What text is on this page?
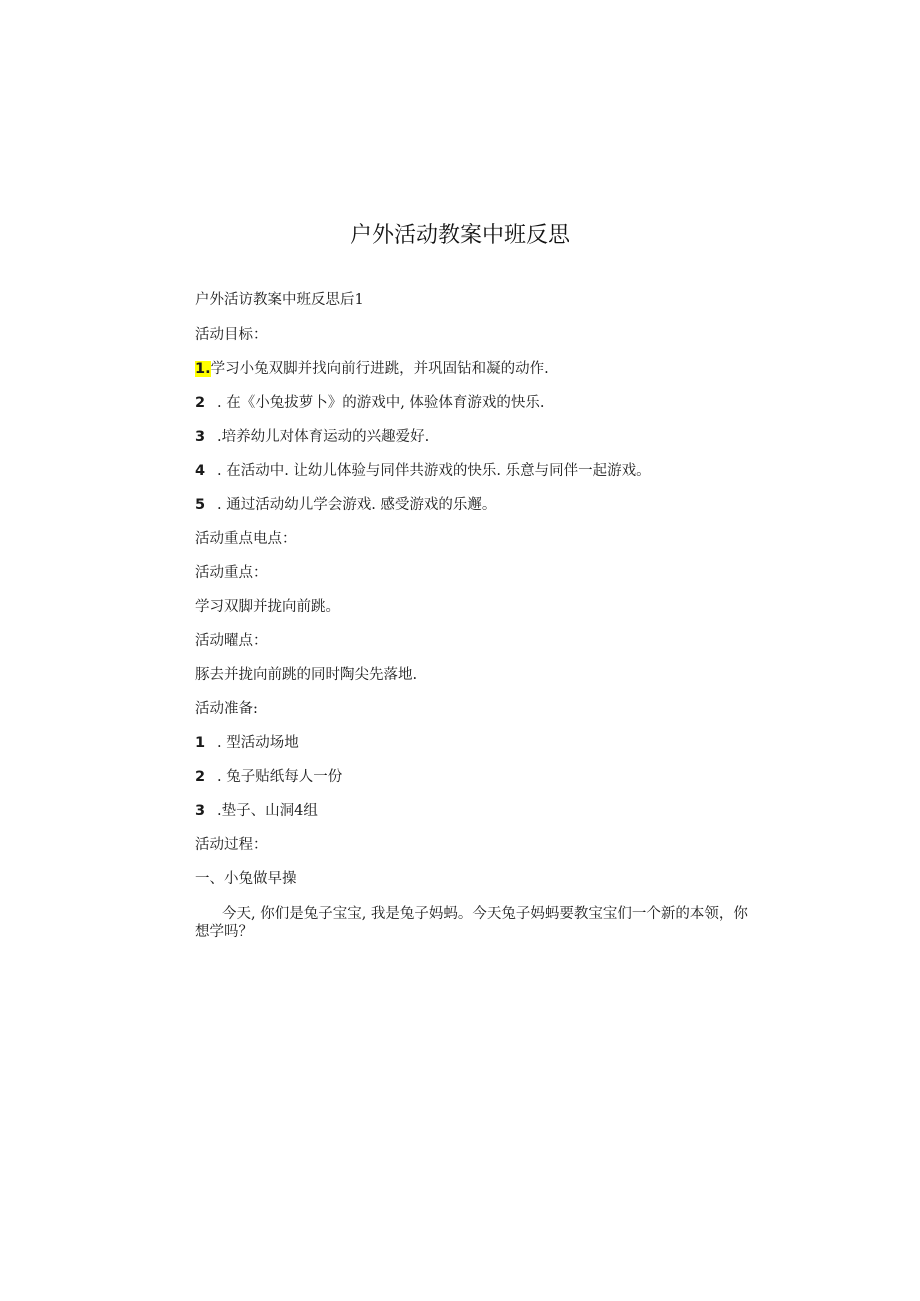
户外活动教案中班反思
户外活访教案中班反思后1
活动目标：
1.学习小兔双脚并找向前行进跳，并巩固钻和凝的动作.
2 . 在《小兔拔萝卜》的游戏中, 体验体育游戏的快乐.
3 .培养幼儿对体育运动的兴趣爱好.
4 . 在活动中. 让幼儿体验与同伴共游戏的快乐. 乐意与同伴一起游戏。
5 . 通过活动幼儿学会游戏. 感受游戏的乐邂。
活动重点电点：
活动重点：
学习双脚并拢向前跳。
活动曜点：
豚去并拢向前跳的同时陶尖先落地.
活动准备:
1 . 型活动场地
2 . 兔子贴纸每人一份
3 .垫子、山洞4组
活动过程：
一、小兔做早操
今天, 你们是兔子宝宝, 我是兔子妈蚂。今天兔子妈蚂要教宝宝们一个新的本领，你
想学吗？
